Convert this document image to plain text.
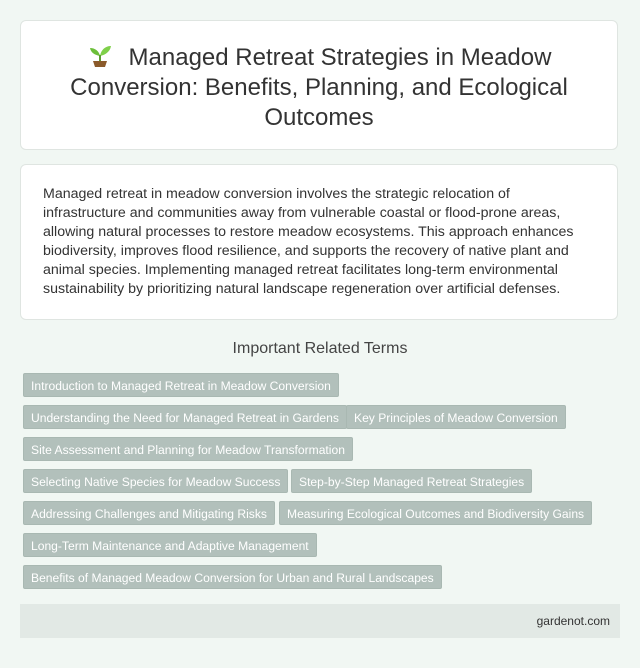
Managed Retreat Strategies in Meadow Conversion: Benefits, Planning, and Ecological Outcomes

Managed retreat in meadow conversion involves the strategic relocation of infrastructure and communities away from vulnerable coastal or flood-prone areas, allowing natural processes to restore meadow ecosystems. This approach enhances biodiversity, improves flood resilience, and supports the recovery of native plant and animal species. Implementing managed retreat facilitates long-term environmental sustainability by prioritizing natural landscape regeneration over artificial defenses.

Important Related Terms
Introduction to Managed Retreat in Meadow Conversion
Understanding the Need for Managed Retreat in Gardens	Key Principles of Meadow Conversion
Site Assessment and Planning for Meadow Transformation
Selecting Native Species for Meadow Success	Step-by-Step Managed Retreat Strategies
Addressing Challenges and Mitigating Risks	Measuring Ecological Outcomes and Biodiversity Gains
Long-Term Maintenance and Adaptive Management
Benefits of Managed Meadow Conversion for Urban and Rural Landscapes
gardenot.com
